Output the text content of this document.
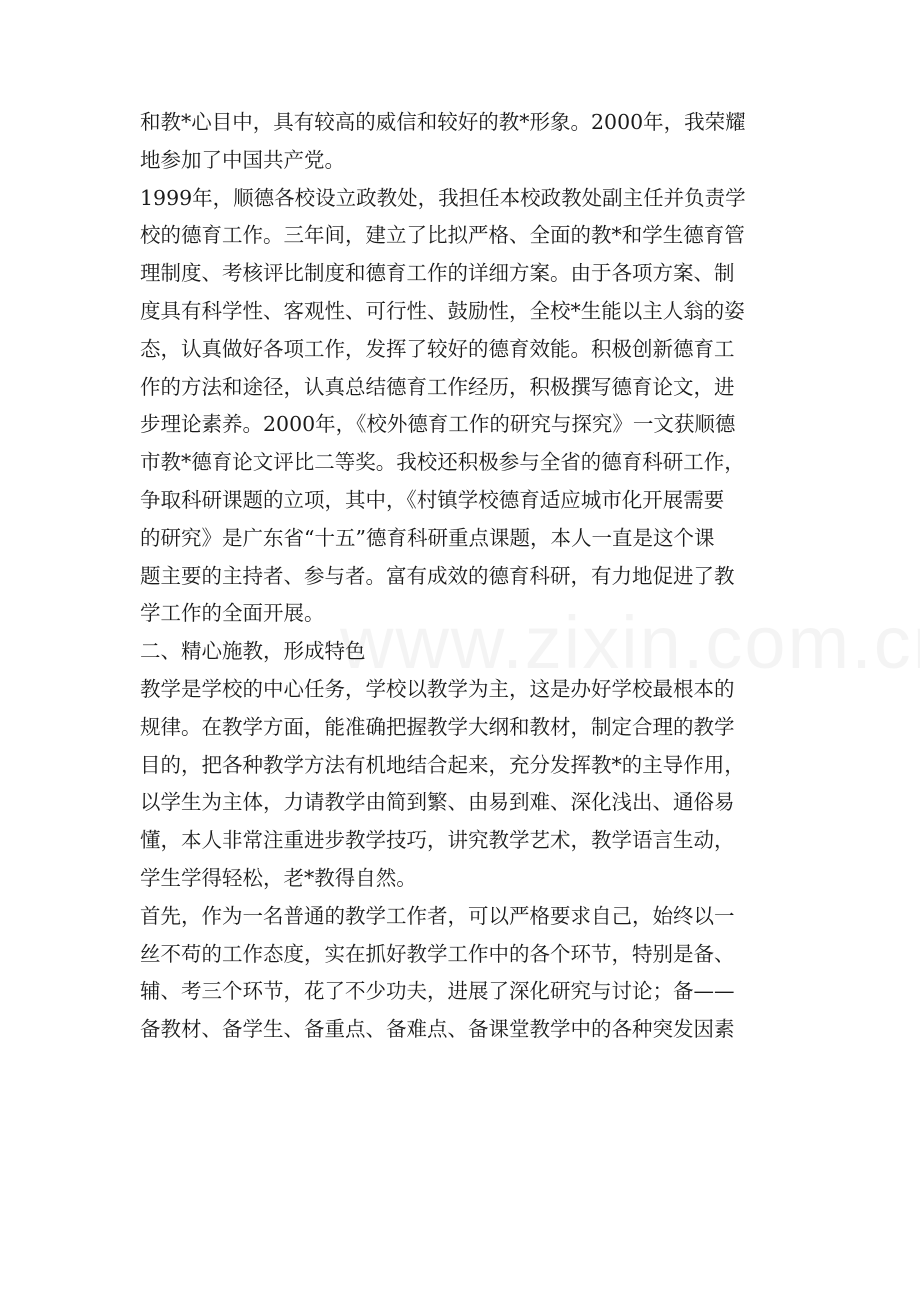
和教*心目中，具有较高的威信和较好的教*形象。2000年，我荣耀
地参加了中国共产党。
1999年，顺德各校设立政教处，我担任本校政教处副主任并负责学
校的德育工作。三年间，建立了比拟严格、全面的教*和学生德育管
理制度、考核评比制度和德育工作的详细方案。由于各项方案、制
度具有科学性、客观性、可行性、鼓励性，全校*生能以主人翁的姿
态，认真做好各项工作，发挥了较好的德育效能。积极创新德育工
作的方法和途径，认真总结德育工作经历，积极撰写德育论文，进
步理论素养。2000年，《校外德育工作的研究与探究》一文获顺德
市教*德育论文评比二等奖。我校还积极参与全省的德育科研工作，
争取科研课题的立项，其中，《村镇学校德育适应城市化开展需要
的研究》是广东省“十五”德育科研重点课题，本人一直是这个课
题主要的主持者、参与者。富有成效的德育科研，有力地促进了教
学工作的全面开展。
二、精心施教，形成特色
教学是学校的中心任务，学校以教学为主，这是办好学校最根本的
规律。在教学方面，能准确把握教学大纲和教材，制定合理的教学
目的，把各种教学方法有机地结合起来，充分发挥教*的主导作用，
以学生为主体，力请教学由简到繁、由易到难、深化浅出、通俗易
懂，本人非常注重进步教学技巧，讲究教学艺术，教学语言生动，
学生学得轻松，老*教得自然。
首先，作为一名普通的教学工作者，可以严格要求自己，始终以一
丝不苟的工作态度，实在抓好教学工作中的各个环节，特别是备、
辅、考三个环节，花了不少功夫，进展了深化研究与讨论；备——
备教材、备学生、备重点、备难点、备课堂教学中的各种突发因素
